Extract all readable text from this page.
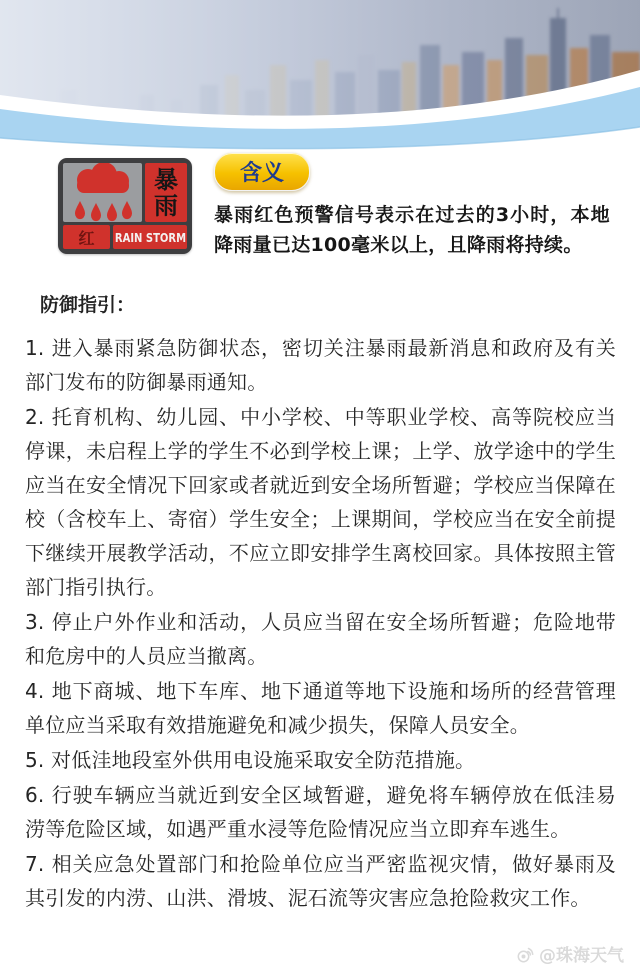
暴雨
红 RAIN STORM
含义

暴雨红色预警信号表示在过去的3小时，本地降雨量已达100毫米以上，且降雨将持续。

防御指引：

1. 进入暴雨紧急防御状态，密切关注暴雨最新消息和政府及有关部门发布的防御暴雨通知。

2. 托育机构、幼儿园、中小学校、中等职业学校、高等院校应当停课，未启程上学的学生不必到学校上课；上学、放学途中的学生应当在安全情况下回家或者就近到安全场所暂避；学校应当保障在校（含校车上、寄宿）学生安全；上课期间，学校应当在安全前提下继续开展教学活动，不应立即安排学生离校回家。具体按照主管部门指引执行。

3. 停止户外作业和活动，人员应当留在安全场所暂避；危险地带和危房中的人员应当撤离。

4. 地下商城、地下车库、地下通道等地下设施和场所的经营管理单位应当采取有效措施避免和减少损失，保障人员安全。

5. 对低洼地段室外供用电设施采取安全防范措施。

6. 行驶车辆应当就近到安全区域暂避，避免将车辆停放在低洼易涝等危险区域，如遇严重水浸等危险情况应当立即弃车逃生。

7. 相关应急处置部门和抢险单位应当严密监视灾情，做好暴雨及其引发的内涝、山洪、滑坡、泥石流等灾害应急抢险救灾工作。

@珠海天气
